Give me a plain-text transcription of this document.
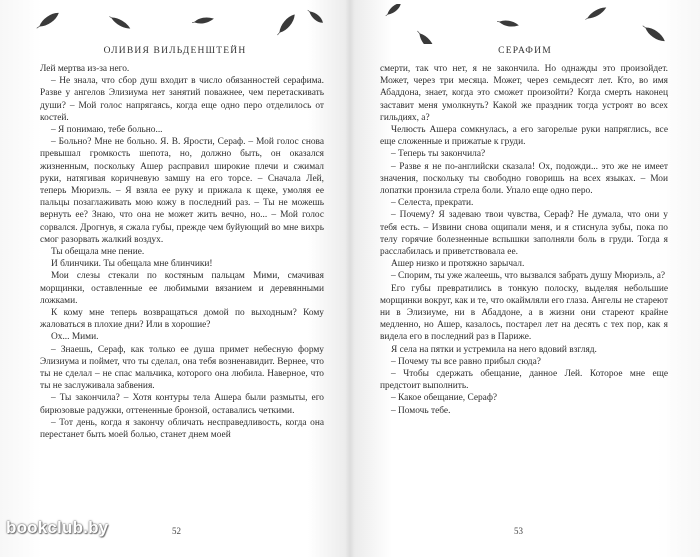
ОЛИВИЯ ВИЛЬДЕНШТЕЙН

Лей мертва из-за него.

– Не знала, что сбор душ входит в число обязанностей серафима. Разве у ангелов Элизиума нет занятий поважнее, чем перетаскивать души? – Мой голос напрягаясь, когда еще одно перо отделилось от костей.

– Я понимаю, тебе больно...

– Больно? Мне не больно. Я. В. Ярости, Сераф. – Мой голос снова превышал громкость шепота, но, должно быть, он оказался жизненным, поскольку Ашер расправил широкие плечи и сжимал руки, натягивая коричневую замшу на его торсе. – Сначала Лей, теперь Мюриэль. – Я взяла ее руку и прижала к щеке, умоляя ее пальцы позаглаживать мою кожу в последний раз. – Ты не можешь вернуть ее? Знаю, что она не может жить вечно, но... – Мой голос сорвался. Дрогнув, я сжала губы, прежде чем буйующий во мне вихрь смог разорвать жалкий воздух.

Ты обещала мне пение.

И блинчики. Ты обещала мне блинчики!

Мои слезы стекали по костяным пальцам Мими, смачивая морщинки, оставленные ее любимыми вязанием и деревянными ложками.

К кому мне теперь возвращаться домой по выходным? Кому жаловаться в плохие дни? Или в хорошие?

Ох... Мими.

– Знаешь, Сераф, как только ее душа примет небесную форму Элизиума и поймет, что ты сделал, она тебя возненавидит. Вернее, что ты не сделал – не спас мальчика, которого она любила. Наверное, что ты не заслуживала забвения.

– Ты закончила? – Хотя контуры тела Ашера были размыты, его бирюзовые радужки, оттененные бронзой, оставались четкими.

– Тот день, когда я закончу обличать несправедливость, когда она перестанет быть моей болью, станет днем моей

52
СЕРАФИМ

смерти, так что нет, я не закончила. Но однажды это произойдет. Может, через три месяца. Может, через семьдесят лет. Кто, во имя Абаддона, знает, когда это сможет произойти? Когда смерть наконец заставит меня умолкнуть? Какой же праздник тогда устроят во всех гильдиях, а?

Челюсть Ашера сомкнулась, а его загорелые руки напряглись, все еще сложенные и прижатые к груди.

– Теперь ты закончила?

– Разве я не по-английски сказала! Ох, подожди... это же не имеет значения, поскольку ты свободно говоришь на всех языках. – Мои лопатки пронзила стрела боли. Упало еще одно перо.

– Селеста, прекрати.

– Почему? Я задеваю твои чувства, Сераф? Не думала, что они у тебя есть. – Извини снова ощипали меня, и я стиснула зубы, пока по телу горячие болезненные вспышки заполняли боль в груди. Тогда я расслабилась и приветствовала ее.

Ашер низко и протяжно зарычал.

– Спорим, ты уже жалеешь, что вызвался забрать душу Мюриэль, а?

Его губы превратились в тонкую полоску, выделяя небольшие морщинки вокруг, как и те, что окаймляли его глаза. Ангелы не стареют ни в Элизиуме, ни в Абаддоне, а в жизни они стареют крайне медленно, но Ашер, казалось, постарел лет на десять с тех пор, как я видела его в последний раз в Париже.

Я села на пятки и устремила на него вдовий взгляд.

– Почему ты все равно прибыл сюда?

– Чтобы сдержать обещание, данное Лей. Которое мне еще предстоит выполнить.

– Какое обещание, Сераф?

– Помочь тебе.

53
bookclub.by
